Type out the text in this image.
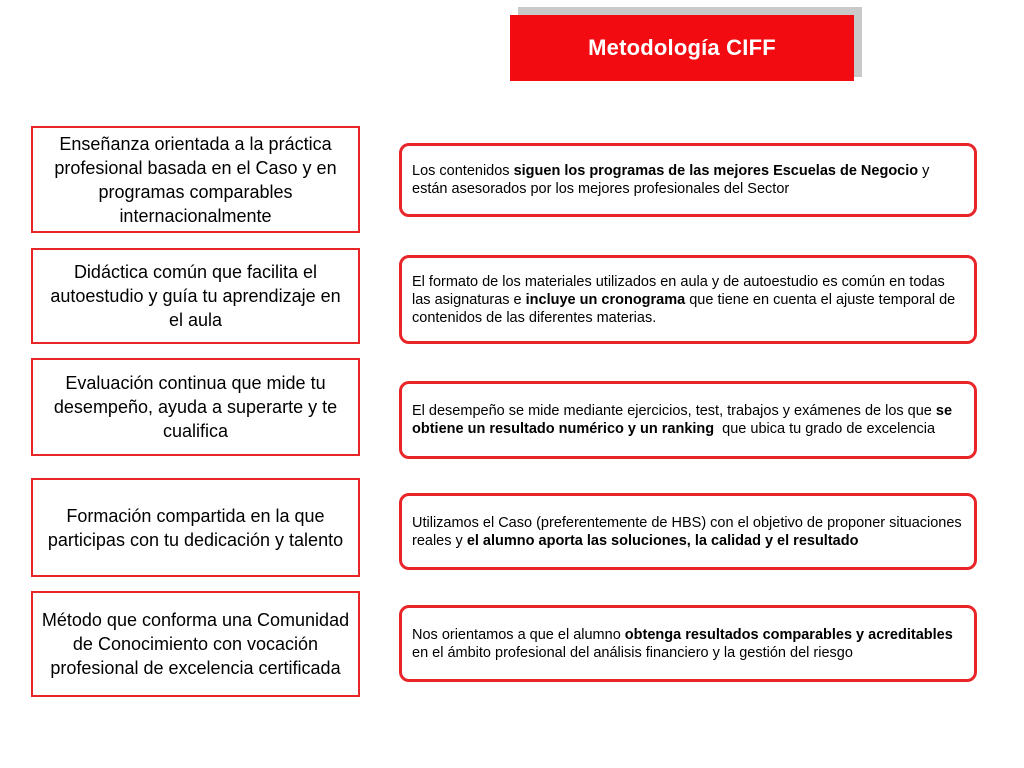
Metodología CIFF
Enseñanza orientada a la práctica profesional basada en el Caso y en programas comparables internacionalmente
Didáctica común que facilita el autoestudio y guía tu aprendizaje en el aula
Evaluación continua que mide tu desempeño, ayuda a superarte y te cualifica
Formación compartida en la que participas con tu dedicación y talento
Método que conforma una Comunidad de Conocimiento con vocación profesional de excelencia certificada

Los contenidos siguen los programas de las mejores Escuelas de Negocio y están asesorados por los mejores profesionales del Sector

El formato de los materiales utilizados en aula y de autoestudio es común en todas las asignaturas e incluye un cronograma que tiene en cuenta el ajuste temporal de contenidos de las diferentes materias.

El desempeño se mide mediante ejercicios, test, trabajos y exámenes de los que se obtiene un resultado numérico y un ranking  que ubica tu grado de excelencia

Utilizamos el Caso (preferentemente de HBS) con el objetivo de proponer situaciones reales y el alumno aporta las soluciones, la calidad y el resultado

Nos orientamos a que el alumno obtenga resultados comparables y acreditables en el ámbito profesional del análisis financiero y la gestión del riesgo
